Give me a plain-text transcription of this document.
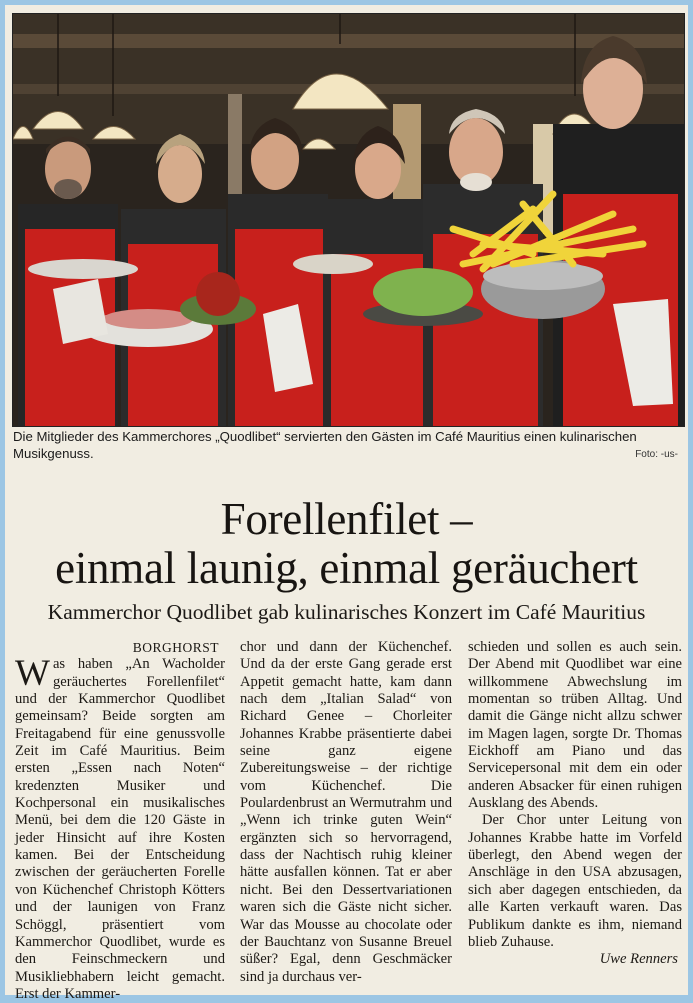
Die Mitglieder des Kammerchores „Quodlibet“ servierten den Gästen im Café Mauritius einen kulinarischen Musikgenuss.	Foto: -us-
Forellenfilet –
einmal launig, einmal geräuchert
Kammerchor Quodlibet gab kulinarisches Konzert im Café Mauritius

BORGHORST

Was haben „An Wacholder geräuchertes Forellenfilet“ und der Kammerchor Quodlibet gemeinsam? Beide sorgten am Freitagabend für eine genussvolle Zeit im Café Mauritius. Beim ersten „Essen nach Noten“ kredenzten Musiker und Kochpersonal ein musikalisches Menü, bei dem die 120 Gäste in jeder Hinsicht auf ihre Kosten kamen. Bei der Entscheidung zwischen der geräucherten Forelle von Küchenchef Christoph Kötters und der launigen von Franz Schöggl, präsentiert vom Kammerchor Quodlibet, wurde es den Feinschmeckern und Musikliebhabern leicht gemacht. Erst der Kammer-

chor und dann der Küchenchef. Und da der erste Gang gerade erst Appetit gemacht hatte, kam dann nach dem „Italian Salad“ von Richard Genee – Chorleiter Johannes Krabbe präsentierte dabei seine ganz eigene Zubereitungsweise – der richtige vom Küchenchef. Die Poulardenbrust an Wermutrahm und „Wenn ich trinke guten Wein“ ergänzten sich so hervorragend, dass der Nachtisch ruhig kleiner hätte ausfallen können. Tat er aber nicht. Bei den Dessertvariationen waren sich die Gäste nicht sicher. War das Mousse au chocolate oder der Bauchtanz von Susanne Breuel süßer? Egal, denn Geschmäcker sind ja durchaus ver-

schieden und sollen es auch sein. Der Abend mit Quodlibet war eine willkommene Abwechslung im momentan so trüben Alltag. Und damit die Gänge nicht allzu schwer im Magen lagen, sorgte Dr. Thomas Eickhoff am Piano und das Servicepersonal mit dem ein oder anderen Absacker für einen ruhigen Ausklang des Abends.

Der Chor unter Leitung von Johannes Krabbe hatte im Vorfeld überlegt, den Abend wegen der Anschläge in den USA abzusagen, sich aber dagegen entschieden, da alle Karten verkauft waren. Das Publikum dankte es ihm, niemand blieb Zuhause.

Uwe Renners
